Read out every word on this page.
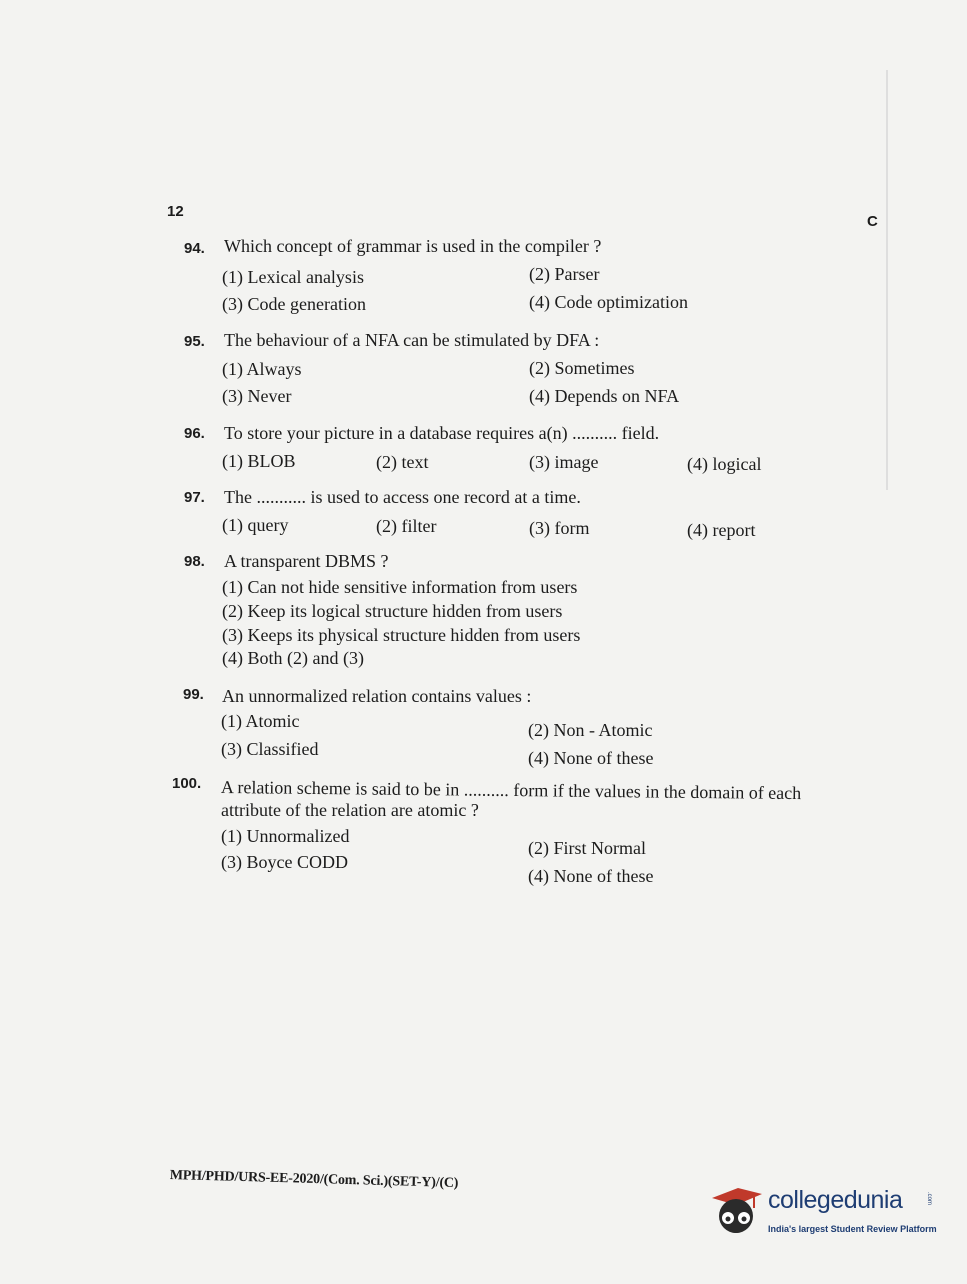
12
C
94. Which concept of grammar is used in the compiler ?
(1) Lexical analysis	(2) Parser
(3) Code generation	(4) Code optimization
95. The behaviour of a NFA can be stimulated by DFA :
(1) Always	(2) Sometimes
(3) Never	(4) Depends on NFA
96. To store your picture in a database requires a(n) .......... field.
(1) BLOB	(2) text	(3) image	(4) logical
97. The ........... is used to access one record at a time.
(1) query	(2) filter	(3) form	(4) report
98. A transparent DBMS ?
(1) Can not hide sensitive information from users
(2) Keep its logical structure hidden from users
(3) Keeps its physical structure hidden from users
(4) Both (2) and (3)
99. An unnormalized relation contains values :
(1) Atomic	(2) Non - Atomic
(3) Classified	(4) None of these
100. A relation scheme is said to be in .......... form if the values in the domain of each
attribute of the relation are atomic ?
(1) Unnormalized
(2) First Normal
(3) Boyce CODD
(4) None of these
MPH/PHD/URS-EE-2020/(Com. Sci.)(SET-Y)/(C)
collegedunia	.com
India's largest Student Review Platform
